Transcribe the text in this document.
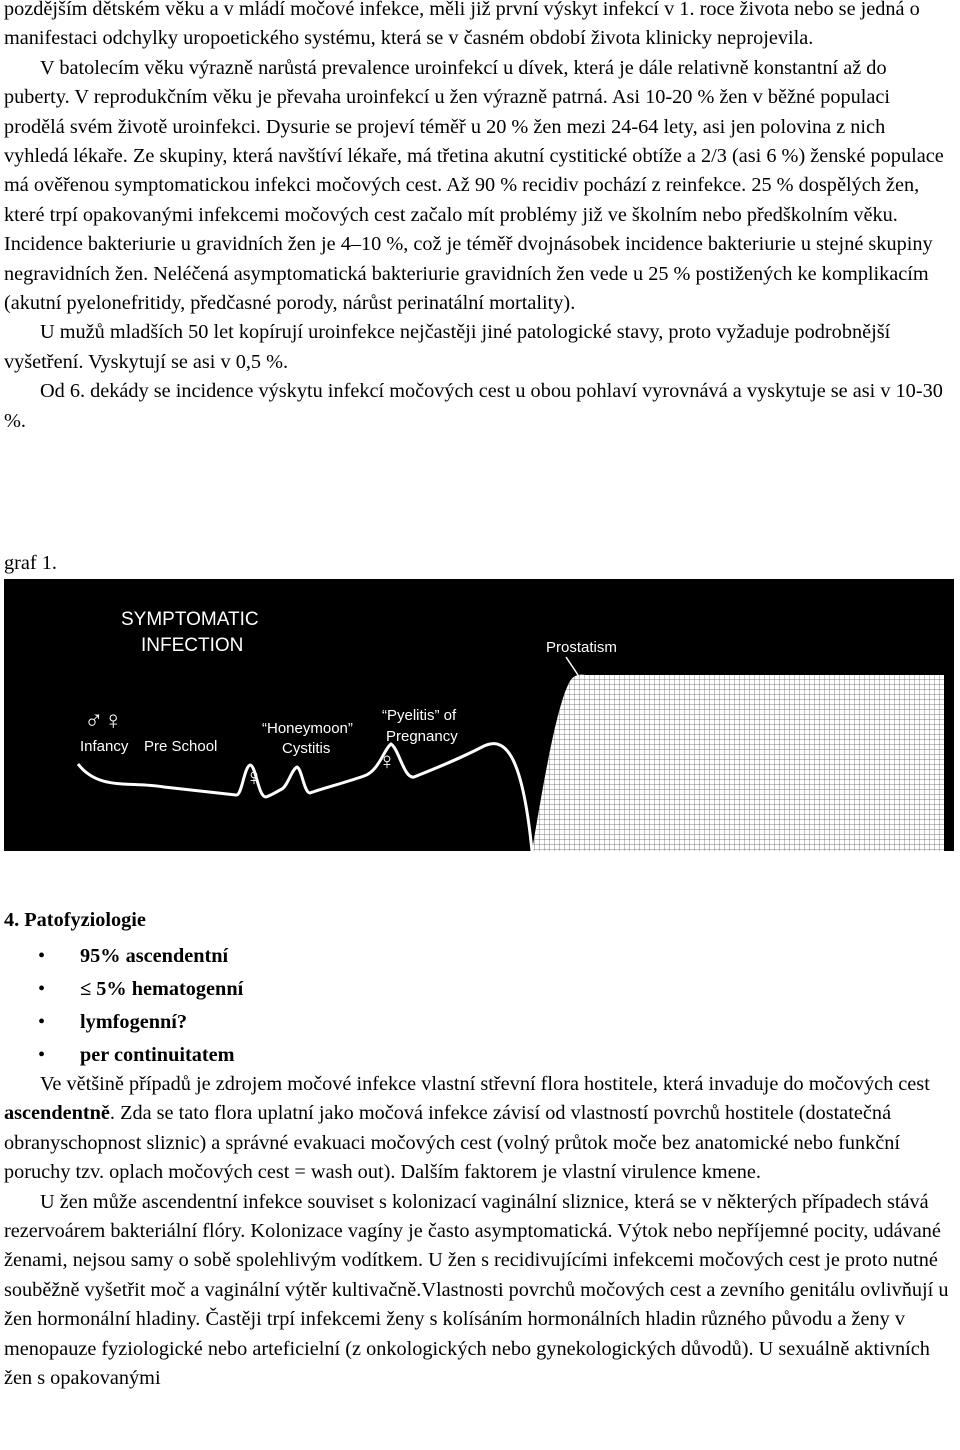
pozdějším dětském věku a v mládí močové infekce, měli již první výskyt infekcí v 1. roce života nebo se jedná o manifestaci odchylky uropoetického systému, která se v časném období života klinicky neprojevila.

V batolecím věku výrazně narůstá prevalence uroinfekcí u dívek, která je dále relativně konstantní až do puberty. V reprodukčním věku je převaha uroinfekcí u žen výrazně patrná. Asi 10-20 % žen v běžné populaci prodělá svém životě uroinfekci. Dysurie se projeví téměř u 20 % žen mezi 24-64 lety, asi jen polovina z nich vyhledá lékaře. Ze skupiny, která navštíví lékaře, má třetina akutní cystitické obtíže a 2/3 (asi 6 %) ženské populace má ověřenou symptomatickou infekci močových cest. Až 90 % recidiv pochází z reinfekce. 25 % dospělých žen, které trpí opakovanými infekcemi močových cest začalo mít problémy již ve školním nebo předškolním věku. Incidence bakteriurie u gravidních žen je 4–10 %, což je téměř dvojnásobek incidence bakteriurie u stejné skupiny negravidních žen. Neléčená asymptomatická bakteriurie gravidních žen vede u 25 % postižených ke komplikacím (akutní pyelonefritidy, předčasné porody, nárůst perinatální mortality).

U mužů mladších 50 let kopírují uroinfekce nejčastěji jiné patologické stavy, proto vyžaduje podrobnější vyšetření. Vyskytují se asi v 0,5 %.

Od 6. dekády se incidence výskytu infekcí močových cest u obou pohlaví vyrovnává a vyskytuje se asi v 10-30 %.

graf 1.

SYMPTOMATIC
INFECTION
♂♀
Infancy Pre School
“Honeymoon”
Cystitis
♀
“Pyelitis” of
Pregnancy
♀
Prostatism

4. Patofyziologie

• 95% ascendentní
• ≤ 5% hematogenní
• lymfogenní?
• per continuitatem

Ve většině případů je zdrojem močové infekce vlastní střevní flora hostitele, která invaduje do močových cest ascendentně. Zda se tato flora uplatní jako močová infekce závisí od vlastností povrchů hostitele (dostatečná obranyschopnost sliznic) a správné evakuaci močových cest (volný průtok moče bez anatomické nebo funkční poruchy tzv. oplach močových cest = wash out). Dalším faktorem je vlastní virulence kmene.

U žen může ascendentní infekce souviset s kolonizací vaginální sliznice, která se v některých případech stává rezervoárem bakteriální flóry. Kolonizace vagíny je často asymptomatická. Výtok nebo nepříjemné pocity, udávané ženami, nejsou samy o sobě spolehlivým vodítkem. U žen s recidivujícími infekcemi močových cest je proto nutné souběžně vyšetřit moč a vaginální výtěr kultivačně.Vlastnosti povrchů močových cest a zevního genitálu ovlivňují u žen hormonální hladiny. Častěji trpí infekcemi ženy s kolísáním hormonálních hladin různého původu a ženy v menopauze fyziologické nebo arteficielní (z onkologických nebo gynekologických důvodů). U sexuálně aktivních žen s opakovanými
